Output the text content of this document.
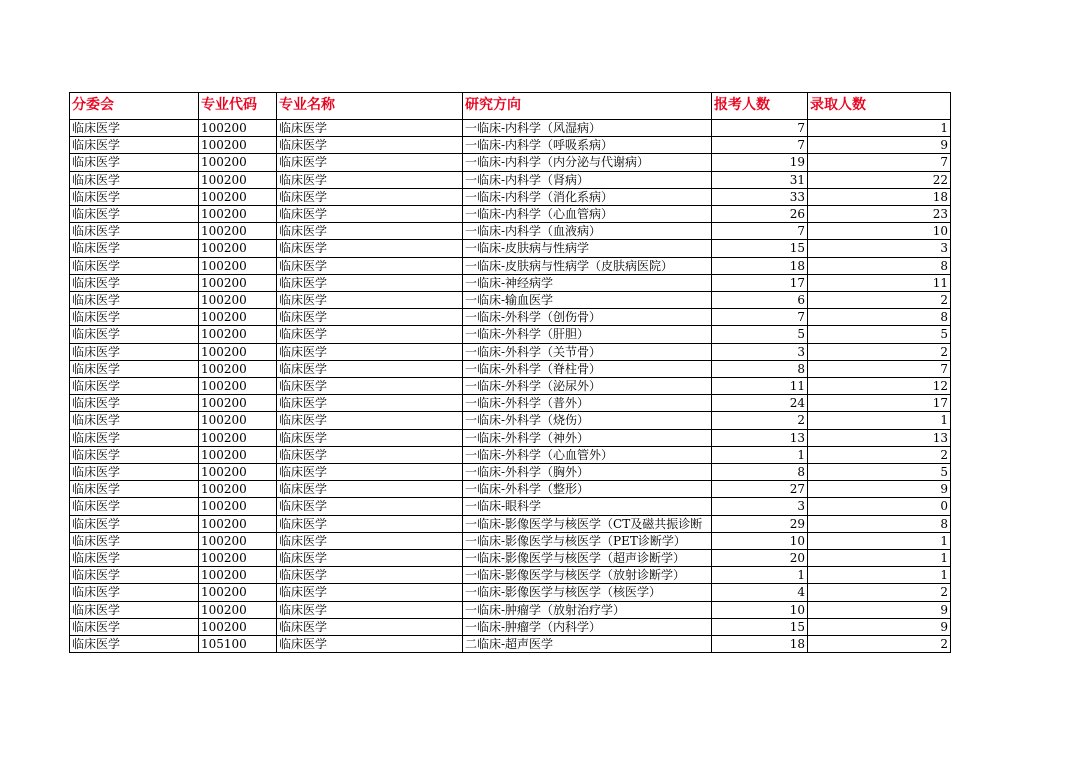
分委会	专业代码	专业名称	研究方向	报考人数	录取人数
临床医学	100200	临床医学	一临床-内科学（风湿病）	7	1
临床医学	100200	临床医学	一临床-内科学（呼吸系病）	7	9
临床医学	100200	临床医学	一临床-内科学（内分泌与代谢病）	19	7
临床医学	100200	临床医学	一临床-内科学（肾病）	31	22
临床医学	100200	临床医学	一临床-内科学（消化系病）	33	18
临床医学	100200	临床医学	一临床-内科学（心血管病）	26	23
临床医学	100200	临床医学	一临床-内科学（血液病）	7	10
临床医学	100200	临床医学	一临床-皮肤病与性病学	15	3
临床医学	100200	临床医学	一临床-皮肤病与性病学（皮肤病医院）	18	8
临床医学	100200	临床医学	一临床-神经病学	17	11
临床医学	100200	临床医学	一临床-输血医学	6	2
临床医学	100200	临床医学	一临床-外科学（创伤骨）	7	8
临床医学	100200	临床医学	一临床-外科学（肝胆）	5	5
临床医学	100200	临床医学	一临床-外科学（关节骨）	3	2
临床医学	100200	临床医学	一临床-外科学（脊柱骨）	8	7
临床医学	100200	临床医学	一临床-外科学（泌尿外）	11	12
临床医学	100200	临床医学	一临床-外科学（普外）	24	17
临床医学	100200	临床医学	一临床-外科学（烧伤）	2	1
临床医学	100200	临床医学	一临床-外科学（神外）	13	13
临床医学	100200	临床医学	一临床-外科学（心血管外）	1	2
临床医学	100200	临床医学	一临床-外科学（胸外）	8	5
临床医学	100200	临床医学	一临床-外科学（整形）	27	9
临床医学	100200	临床医学	一临床-眼科学	3	0
临床医学	100200	临床医学	一临床-影像医学与核医学（CT及磁共振诊断	29	8
临床医学	100200	临床医学	一临床-影像医学与核医学（PET诊断学）	10	1
临床医学	100200	临床医学	一临床-影像医学与核医学（超声诊断学）	20	1
临床医学	100200	临床医学	一临床-影像医学与核医学（放射诊断学）	1	1
临床医学	100200	临床医学	一临床-影像医学与核医学（核医学）	4	2
临床医学	100200	临床医学	一临床-肿瘤学（放射治疗学）	10	9
临床医学	100200	临床医学	一临床-肿瘤学（内科学）	15	9
临床医学	105100	临床医学	二临床-超声医学	18	2
